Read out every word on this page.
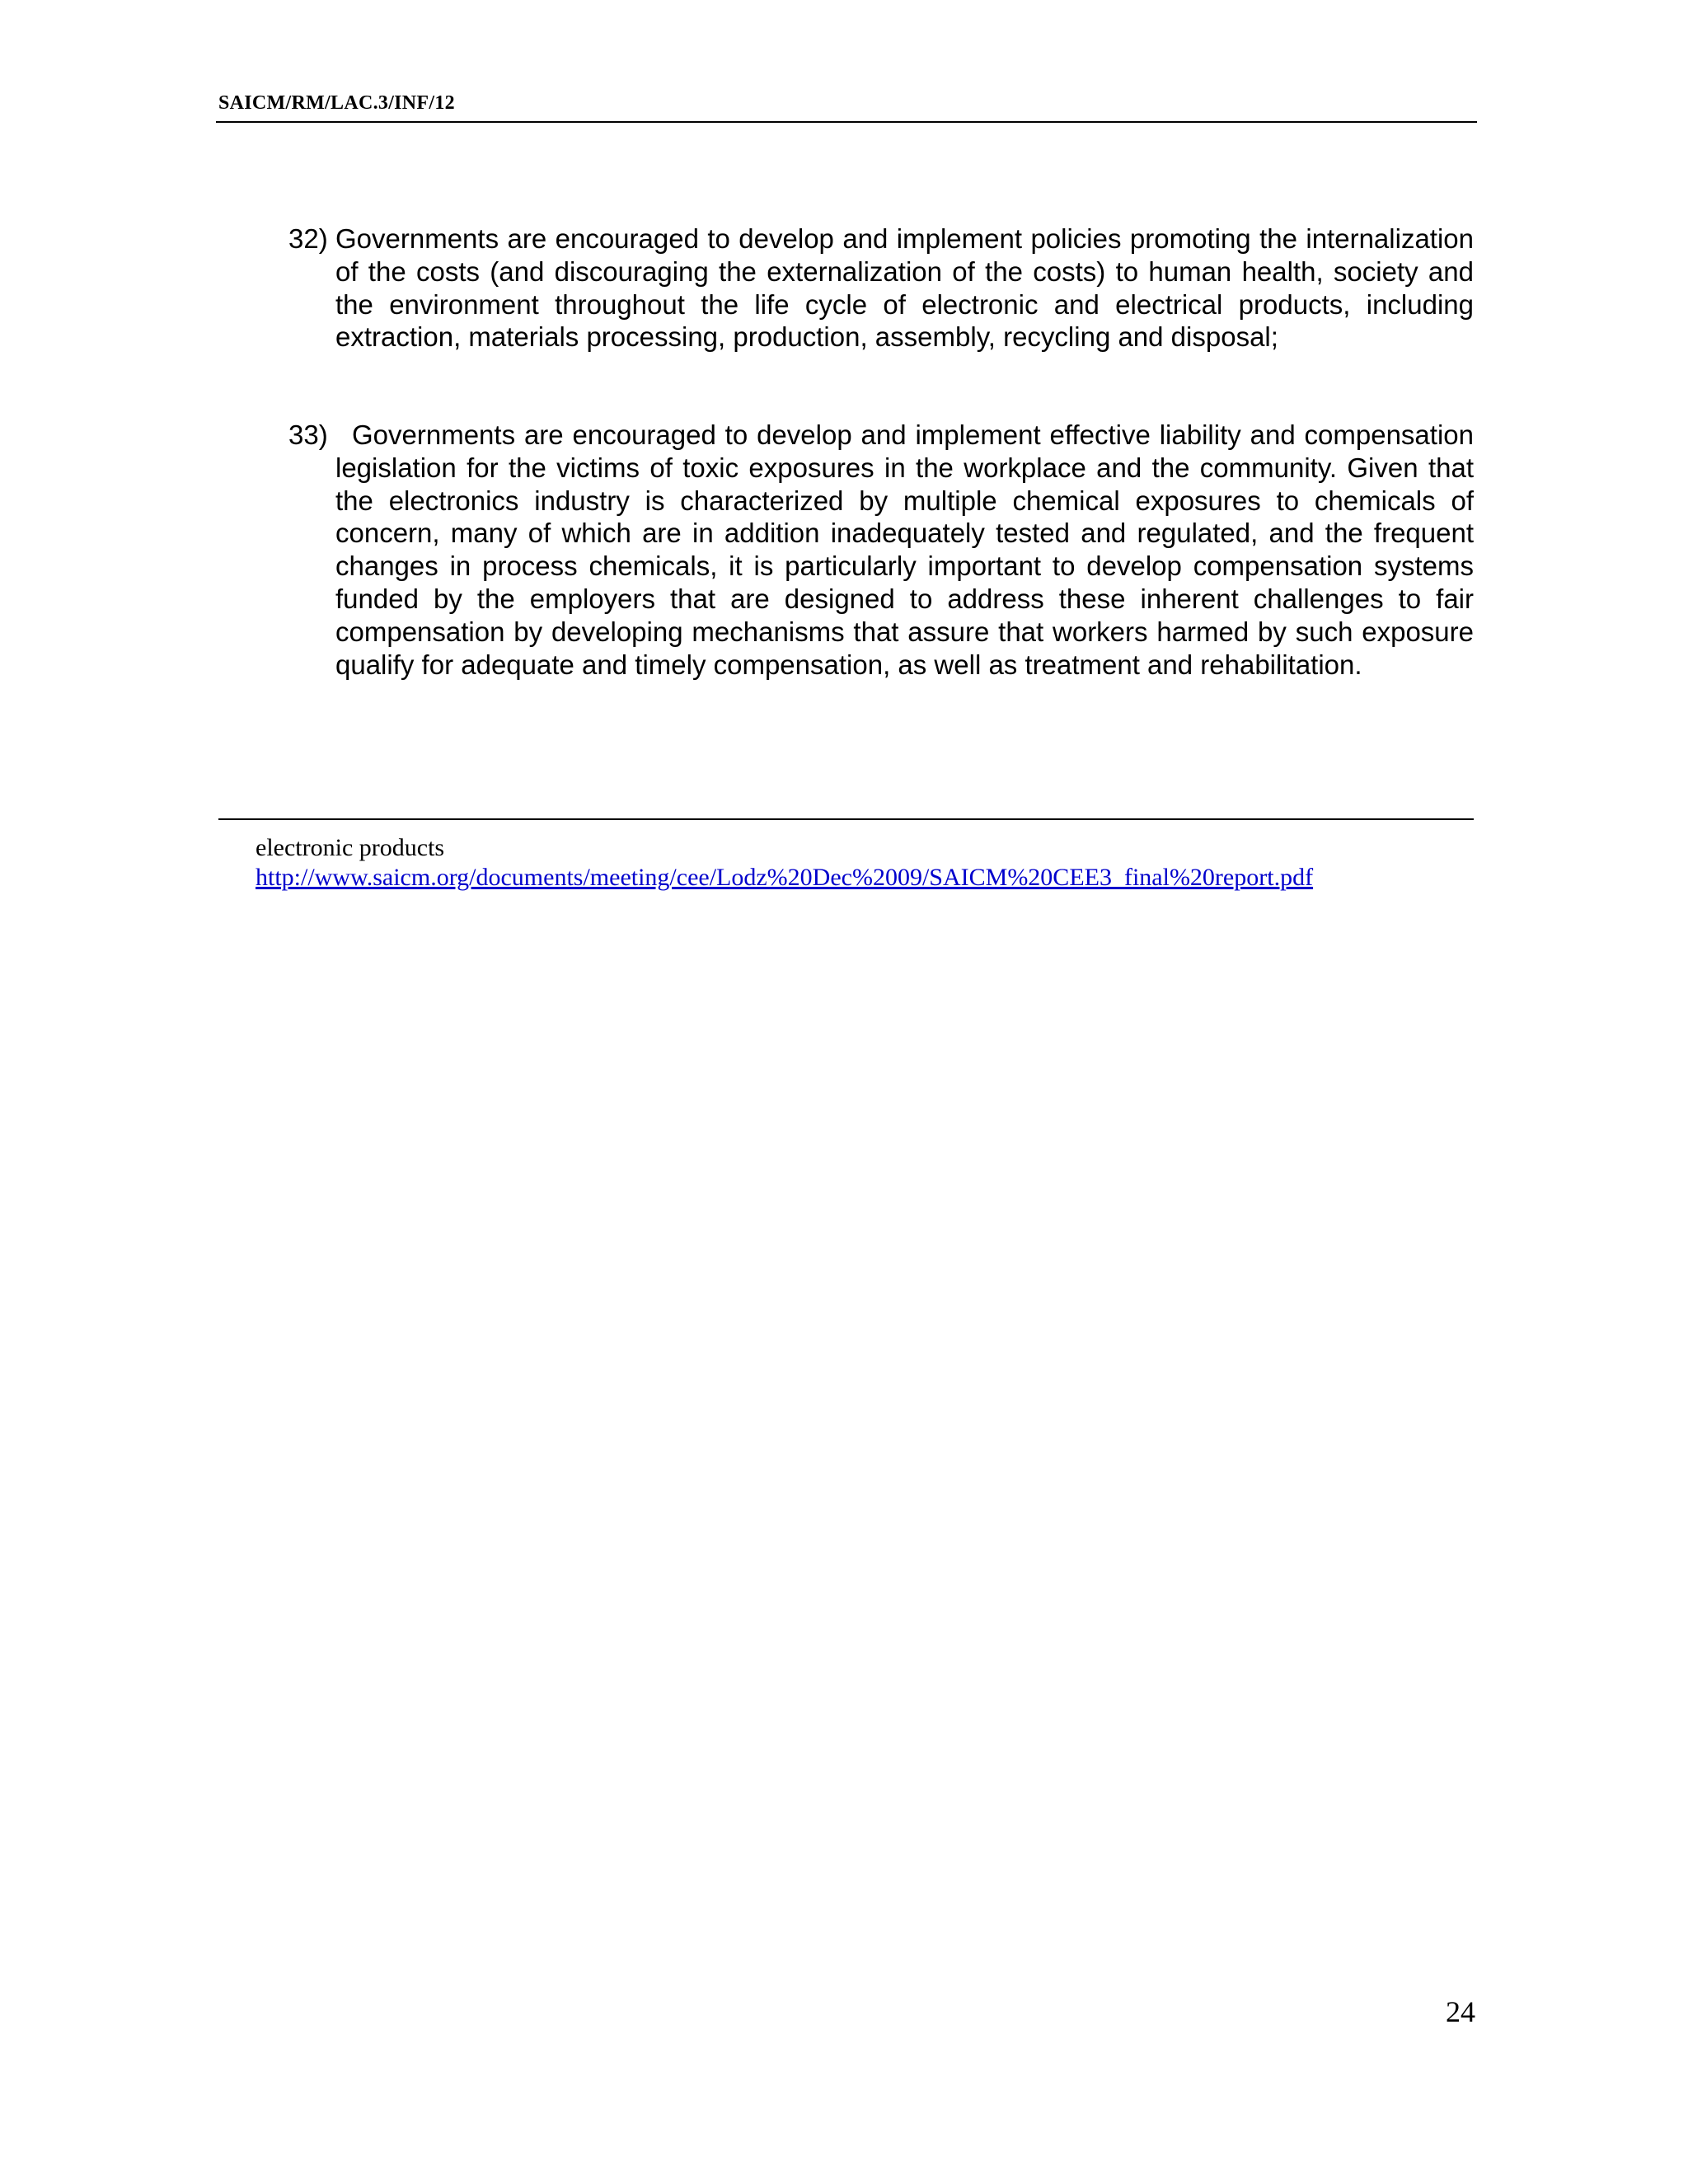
SAICM/RM/LAC.3/INF/12
32) Governments are encouraged to develop and implement policies promoting the internalization of the costs (and discouraging the externalization of the costs) to human health, society and the environment throughout the life cycle of electronic and electrical products, including extraction, materials processing, production, assembly, recycling and disposal;
33) Governments are encouraged to develop and implement effective liability and compensation legislation for the victims of toxic exposures in the workplace and the community. Given that the electronics industry is characterized by multiple chemical exposures to chemicals of concern, many of which are in addition inadequately tested and regulated, and the frequent changes in process chemicals, it is particularly important to develop compensation systems funded by the employers that are designed to address these inherent challenges to fair compensation by developing mechanisms that assure that workers harmed by such exposure qualify for adequate and timely compensation, as well as treatment and rehabilitation.
electronic products
http://www.saicm.org/documents/meeting/cee/Lodz%20Dec%2009/SAICM%20CEE3_final%20report.pdf
24
